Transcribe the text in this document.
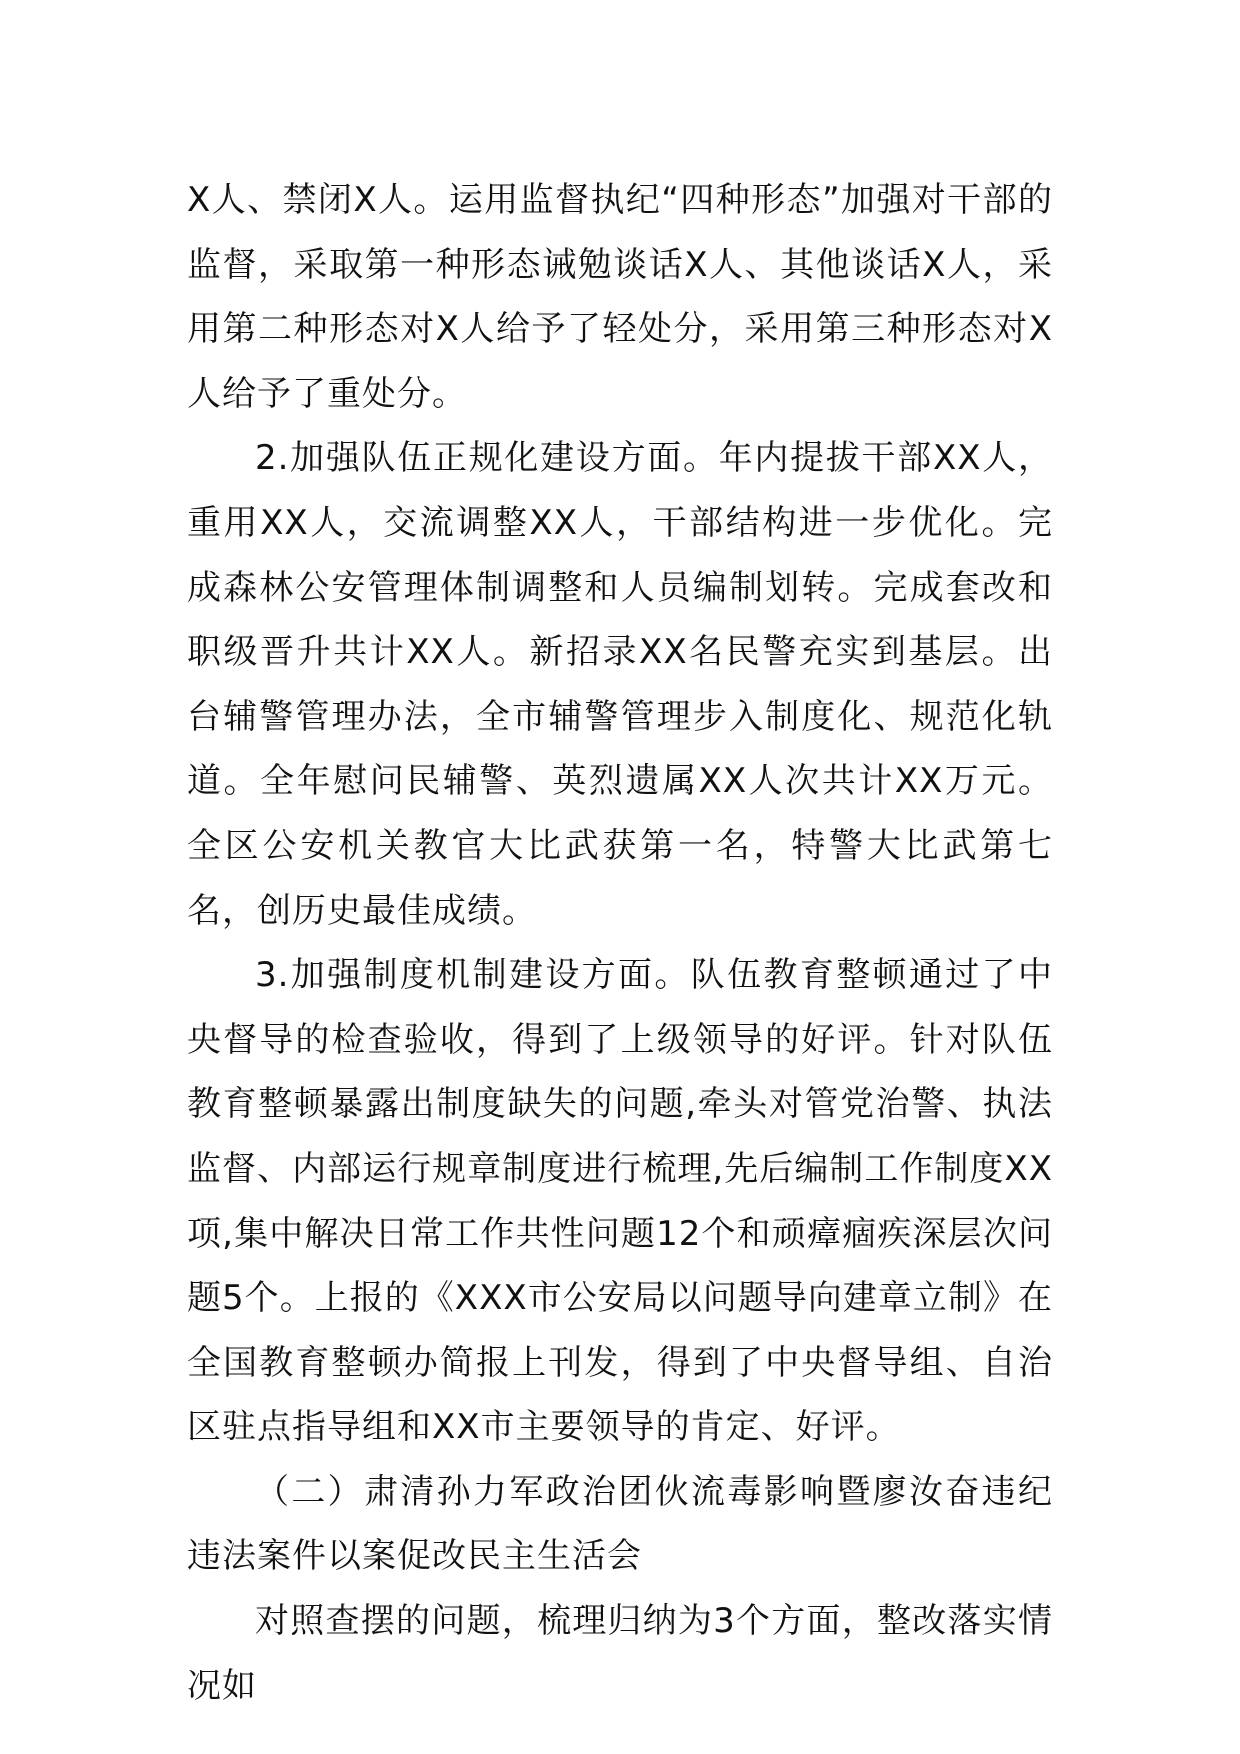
X人、禁闭X人。运用监督执纪“四种形态”加强对干部的监督，采取第一种形态诫勉谈话X人、其他谈话X人，采用第二种形态对X人给予了轻处分，采用第三种形态对X人给予了重处分。

2.加强队伍正规化建设方面。年内提拔干部XX人，重用XX人，交流调整XX人，干部结构进一步优化。完成森林公安管理体制调整和人员编制划转。完成套改和职级晋升共计XX人。新招录XX名民警充实到基层。出台辅警管理办法，全市辅警管理步入制度化、规范化轨道。全年慰问民辅警、英烈遗属XX人次共计XX万元。全区公安机关教官大比武获第一名，特警大比武第七名，创历史最佳成绩。

3.加强制度机制建设方面。队伍教育整顿通过了中央督导的检查验收，得到了上级领导的好评。针对队伍教育整顿暴露出制度缺失的问题,牵头对管党治警、执法监督、内部运行规章制度进行梳理,先后编制工作制度XX项,集中解决日常工作共性问题12个和顽瘴痼疾深层次问题5个。上报的《XXX市公安局以问题导向建章立制》在全国教育整顿办简报上刊发，得到了中央督导组、自治区驻点指导组和XX市主要领导的肯定、好评。

（二）肃清孙力军政治团伙流毒影响暨廖汝奋违纪违法案件以案促改民主生活会

对照查摆的问题，梳理归纳为3个方面，整改落实情况如
